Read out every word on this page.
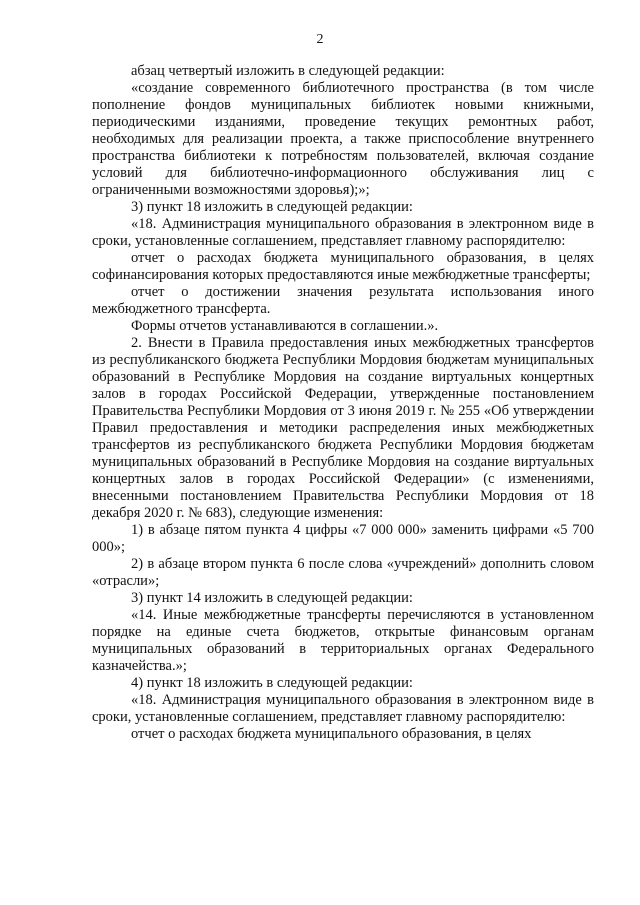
2

абзац четвертый изложить в следующей редакции:

«создание современного библиотечного пространства (в том числе пополнение фондов муниципальных библиотек новыми книжными, периодическими изданиями, проведение текущих ремонтных работ, необходимых для реализации проекта, а также приспособление внутреннего пространства библиотеки к потребностям пользователей, включая создание условий для библиотечно-информационного обслуживания лиц с ограниченными возможностями здоровья);»;

3) пункт 18 изложить в следующей редакции:

«18. Администрация муниципального образования в электронном виде в сроки, установленные соглашением, представляет главному распорядителю:

отчет о расходах бюджета муниципального образования, в целях софинансирования которых предоставляются иные межбюджетные трансферты;

отчет о достижении значения результата использования иного межбюджетного трансферта.

Формы отчетов устанавливаются в соглашении.».

2. Внести в Правила предоставления иных межбюджетных трансфертов из республиканского бюджета Республики Мордовия бюджетам муниципальных образований в Республике Мордовия на создание виртуальных концертных залов в городах Российской Федерации, утвержденные постановлением Правительства Республики Мордовия от 3 июня 2019 г. № 255 «Об утверждении Правил предоставления и методики распределения иных межбюджетных трансфертов из республиканского бюджета Республики Мордовия бюджетам муниципальных образований в Республике Мордовия на создание виртуальных концертных залов в городах Российской Федерации» (с изменениями, внесенными постановлением Правительства Республики Мордовия от 18 декабря 2020 г. № 683), следующие изменения:

1) в абзаце пятом пункта 4 цифры «7 000 000» заменить цифрами «5 700 000»;

2) в абзаце втором пункта 6 после слова «учреждений» дополнить словом «отрасли»;

3) пункт 14 изложить в следующей редакции:

«14. Иные межбюджетные трансферты перечисляются в установленном порядке на единые счета бюджетов, открытые финансовым органам муниципальных образований в территориальных органах Федерального казначейства.»;

4) пункт 18 изложить в следующей редакции:

«18. Администрация муниципального образования в электронном виде в сроки, установленные соглашением, представляет главному распорядителю:

отчет о расходах бюджета муниципального образования, в целях
